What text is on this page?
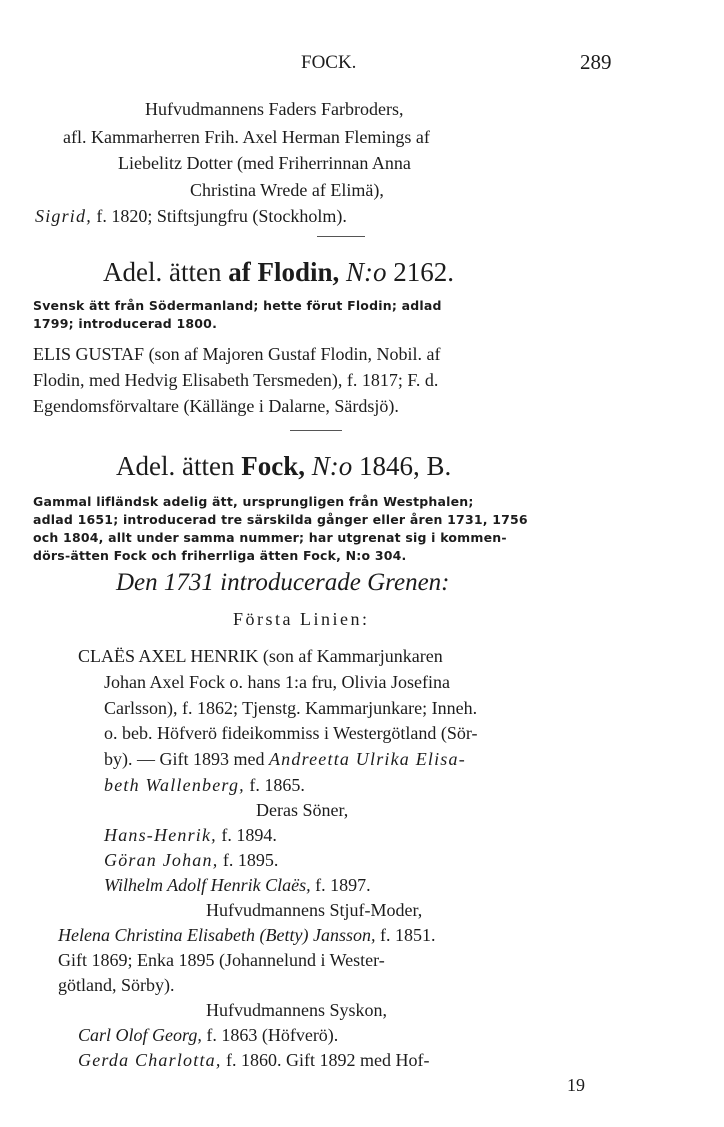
FOCK.	289
Hufvudmannens Faders Farbroders,
afl. Kammarherren Frih. Axel Herman Flemings af
Liebelitz Dotter (med Friherrinnan Anna
Christina Wrede af Elimä),
Sigrid, f. 1820; Stiftsjungfru (Stockholm).
Adel. ätten af Flodin, N:o 2162.
Svensk ätt från Södermanland; hette förut Flodin; adlad
1799; introducerad 1800.
ELIS GUSTAF (son af Majoren Gustaf Flodin, Nobil. af
Flodin, med Hedvig Elisabeth Tersmeden), f. 1817; F. d.
Egendomsförvaltare (Källänge i Dalarne, Särdsjö).
Adel. ätten Fock, N:o 1846, B.
Gammal lifländsk adelig ätt, ursprungligen från Westphalen;
adlad 1651; introducerad tre särskilda gånger eller åren 1731, 1756
och 1804, allt under samma nummer; har utgrenat sig i kommen-
dörs-ätten Fock och friherrliga ätten Fock, N:o 304.
Den 1731 introducerade Grenen:
Första Linien:
CLAËS AXEL HENRIK (son af Kammarjunkaren
Johan Axel Fock o. hans 1:a fru, Olivia Josefina
Carlsson), f. 1862; Tjenstg. Kammarjunkare; Inneh.
o. beb. Höfverö fideikommiss i Westergötland (Sör-
by). — Gift 1893 med Andreetta Ulrika Elisa-
beth Wallenberg, f. 1865.
Deras Söner,
Hans-Henrik, f. 1894.
Göran Johan, f. 1895.
Wilhelm Adolf Henrik Claës, f. 1897.
Hufvudmannens Stjuf-Moder,
Helena Christina Elisabeth (Betty) Jansson, f. 1851.
Gift 1869; Enka 1895 (Johannelund i Wester-
götland, Sörby).
Hufvudmannens Syskon,
Carl Olof Georg, f. 1863 (Höfverö).
Gerda Charlotta, f. 1860. Gift 1892 med Hof-
19
